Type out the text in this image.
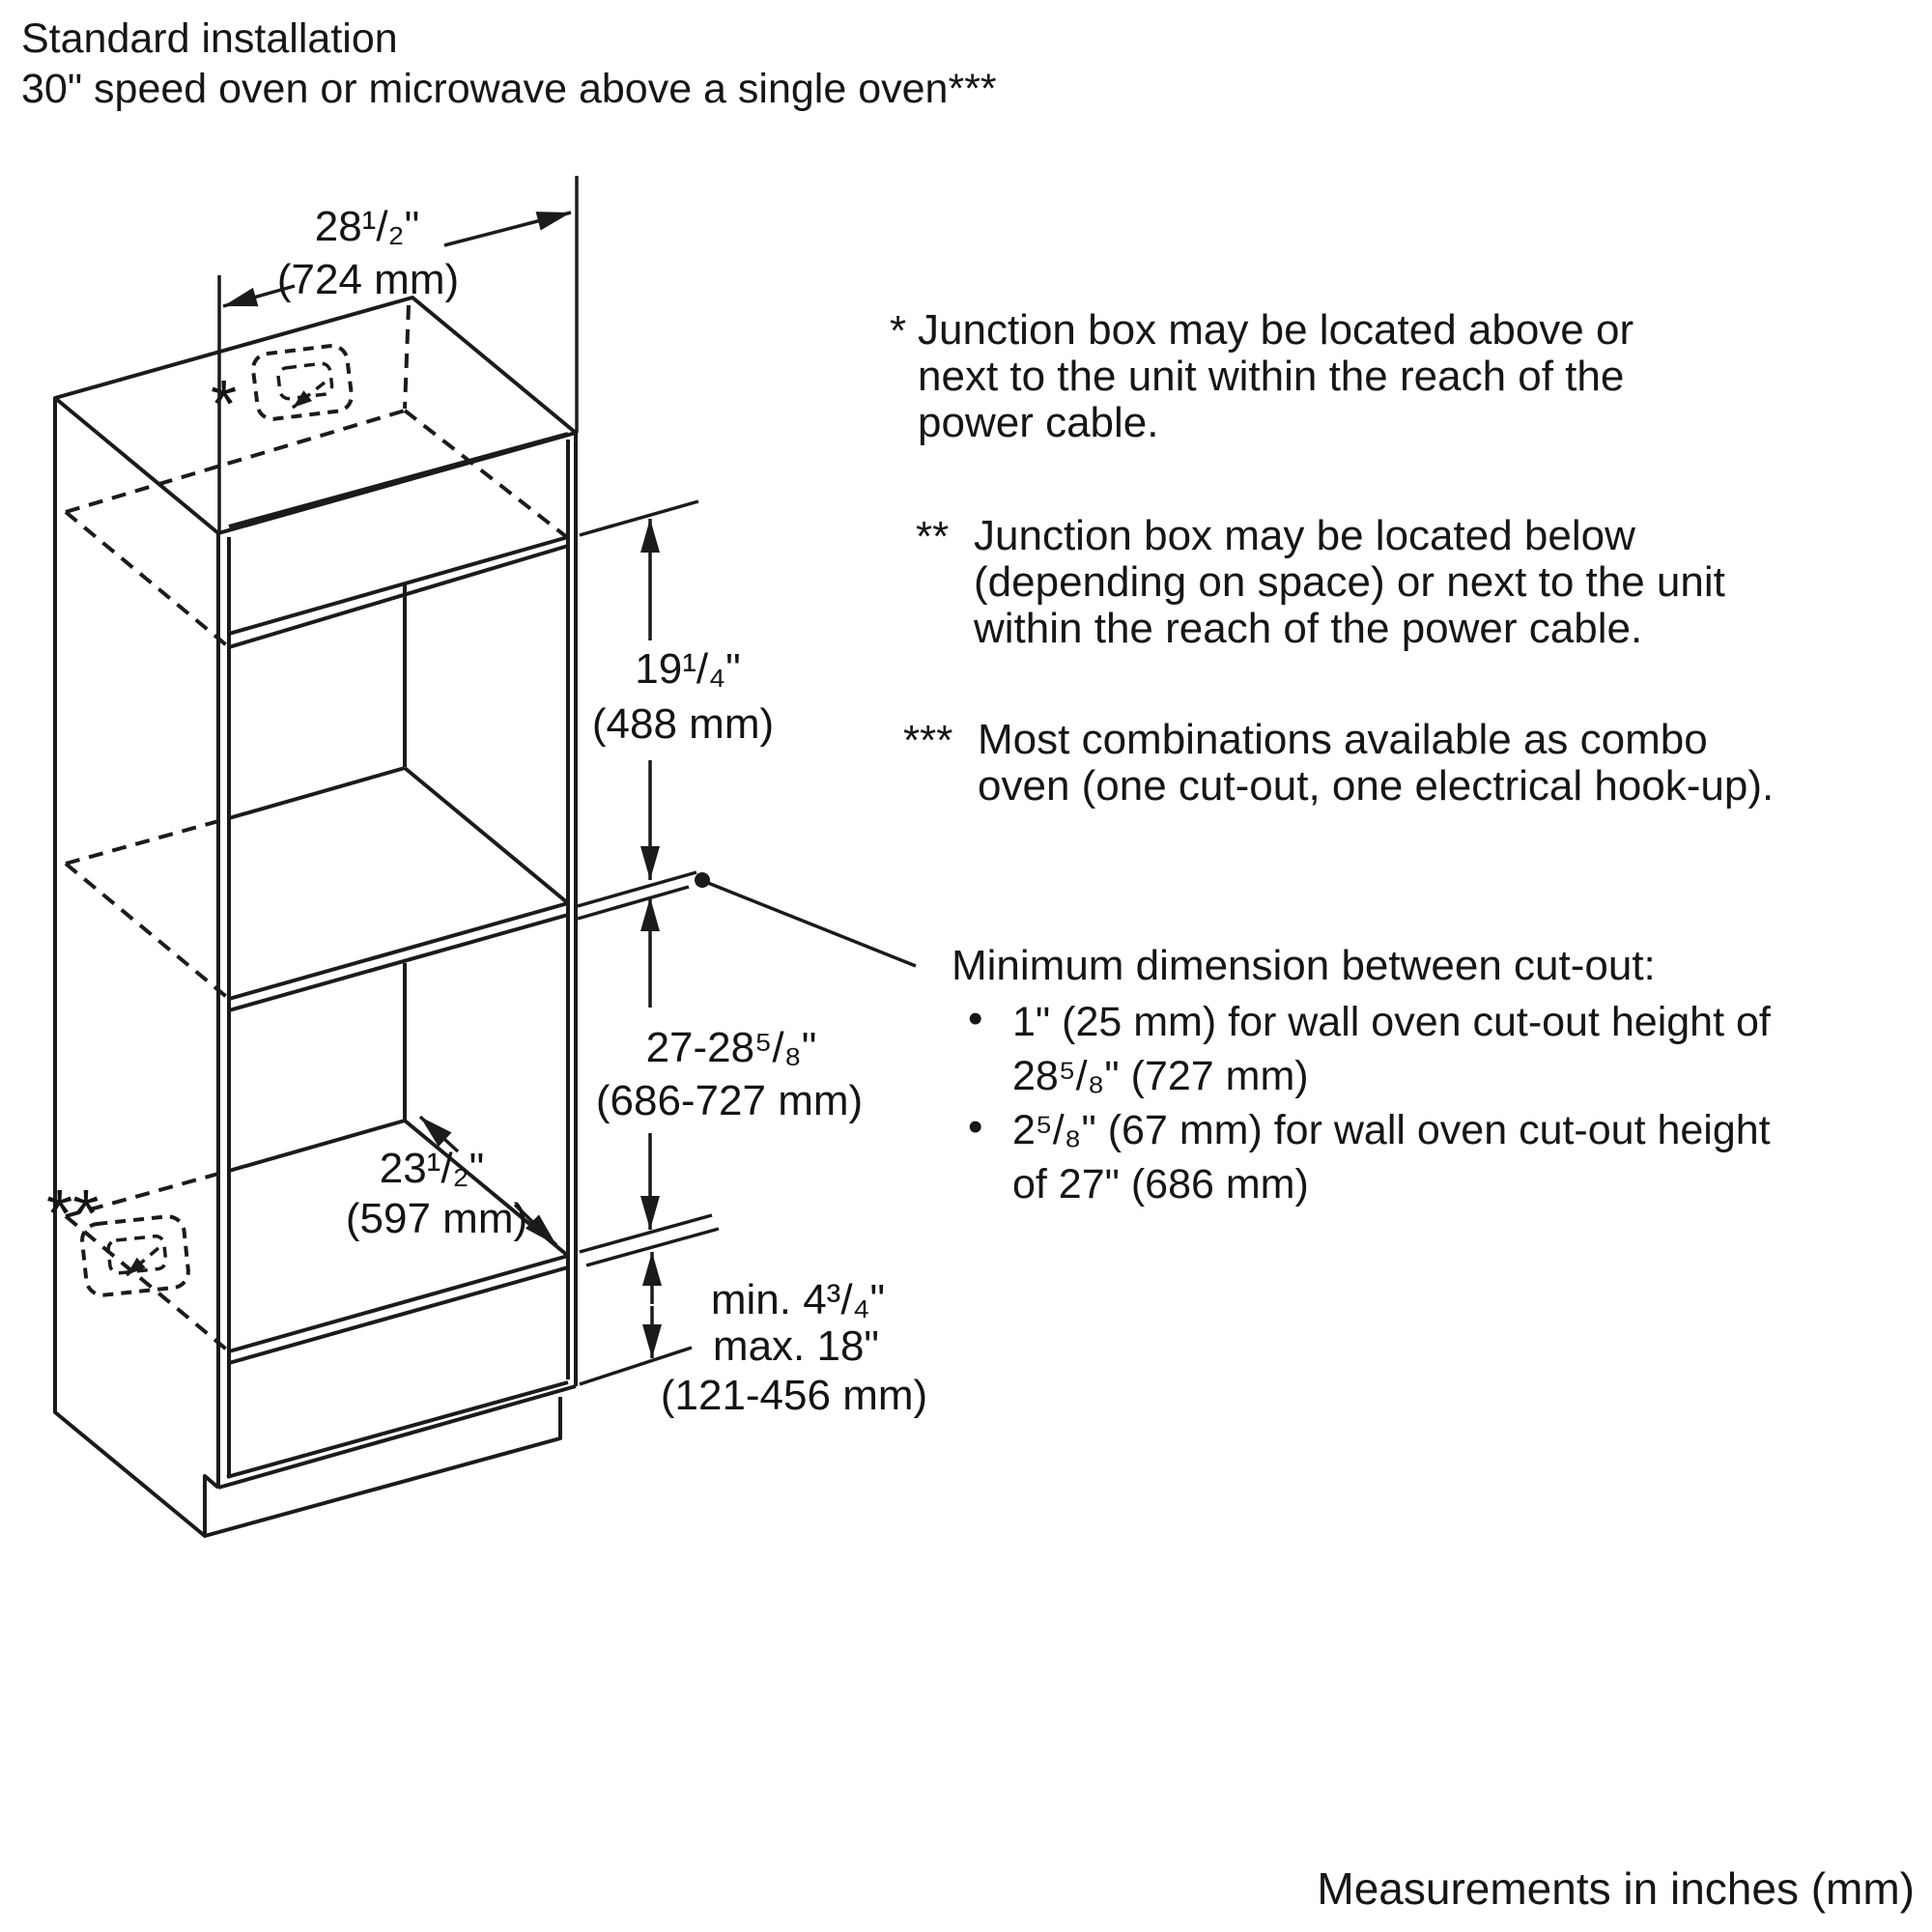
Standard installation
30" speed oven or microwave above a single oven***
*
**
28¹/₂"
(724 mm)
19¹/₄"
(488 mm)
27-28⁵/₈"
(686-727 mm)
23¹/₂"
(597 mm)
min. 4³/₄"
max. 18"
(121-456 mm)
* Junction box may be located above or
next to the unit within the reach of the
power cable.
** Junction box may be located below
(depending on space) or next to the unit
within the reach of the power cable.
*** Most combinations available as combo
oven (one cut-out, one electrical hook-up).
Minimum dimension between cut-out:
• 1" (25 mm) for wall oven cut-out height of
28⁵/₈" (727 mm)
• 2⁵/₈" (67 mm) for wall oven cut-out height
of 27" (686 mm)
Measurements in inches (mm)
